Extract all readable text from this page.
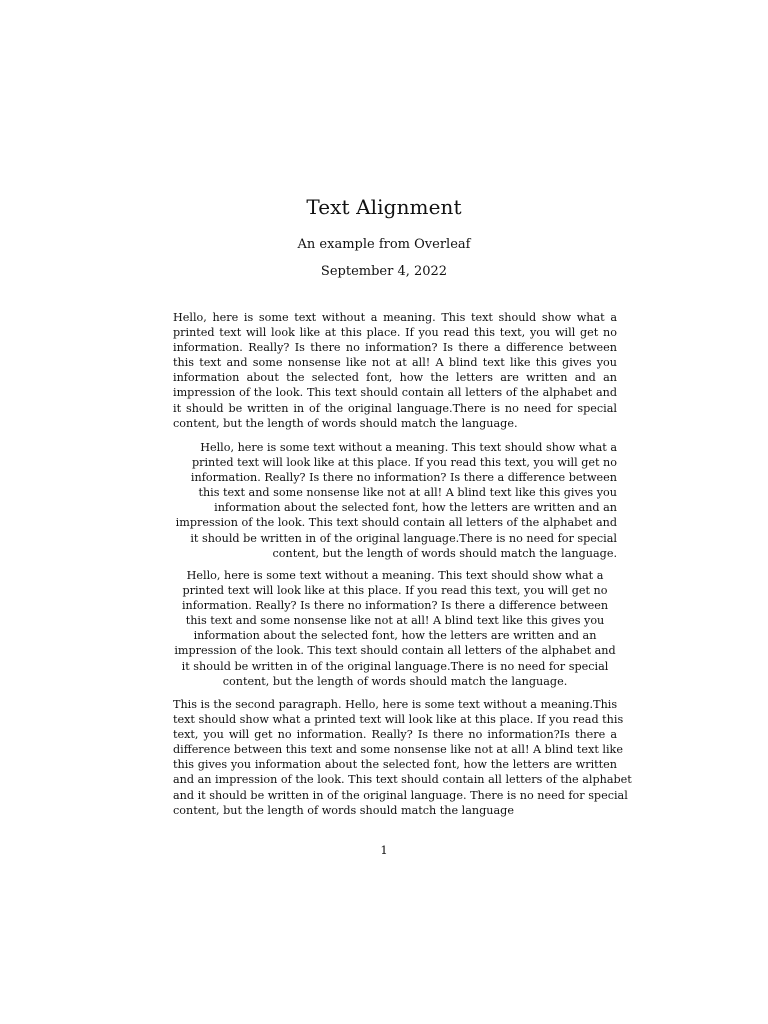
Text Alignment
An example from Overleaf
September 4, 2022
Hello, here is some text without a meaning. This text should show what a
printed text will look like at this place. If you read this text, you will get no
information. Really? Is there no information? Is there a difference between
this text and some nonsense like not at all! A blind text like this gives you
information about the selected font, how the letters are written and an
impression of the look. This text should contain all letters of the alphabet and
it should be written in of the original language.There is no need for special
content, but the length of words should match the language.
Hello, here is some text without a meaning. This text should show what a
printed text will look like at this place. If you read this text, you will get no
information. Really? Is there no information? Is there a difference between
this text and some nonsense like not at all! A blind text like this gives you
information about the selected font, how the letters are written and an
impression of the look. This text should contain all letters of the alphabet and
it should be written in of the original language.There is no need for special
content, but the length of words should match the language.
Hello, here is some text without a meaning. This text should show what a
printed text will look like at this place. If you read this text, you will get no
information. Really? Is there no information? Is there a difference between
this text and some nonsense like not at all! A blind text like this gives you
information about the selected font, how the letters are written and an
impression of the look. This text should contain all letters of the alphabet and
it should be written in of the original language.There is no need for special
content, but the length of words should match the language.
This is the second paragraph. Hello, here is some text without a meaning.This
text should show what a printed text will look like at this place. If you read this
text, you will get no information. Really? Is there no information?Is there a
difference between this text and some nonsense like not at all! A blind text like
this gives you information about the selected font, how the letters are written
and an impression of the look. This text should contain all letters of the alphabet
and it should be written in of the original language. There is no need for special
content, but the length of words should match the language
1
